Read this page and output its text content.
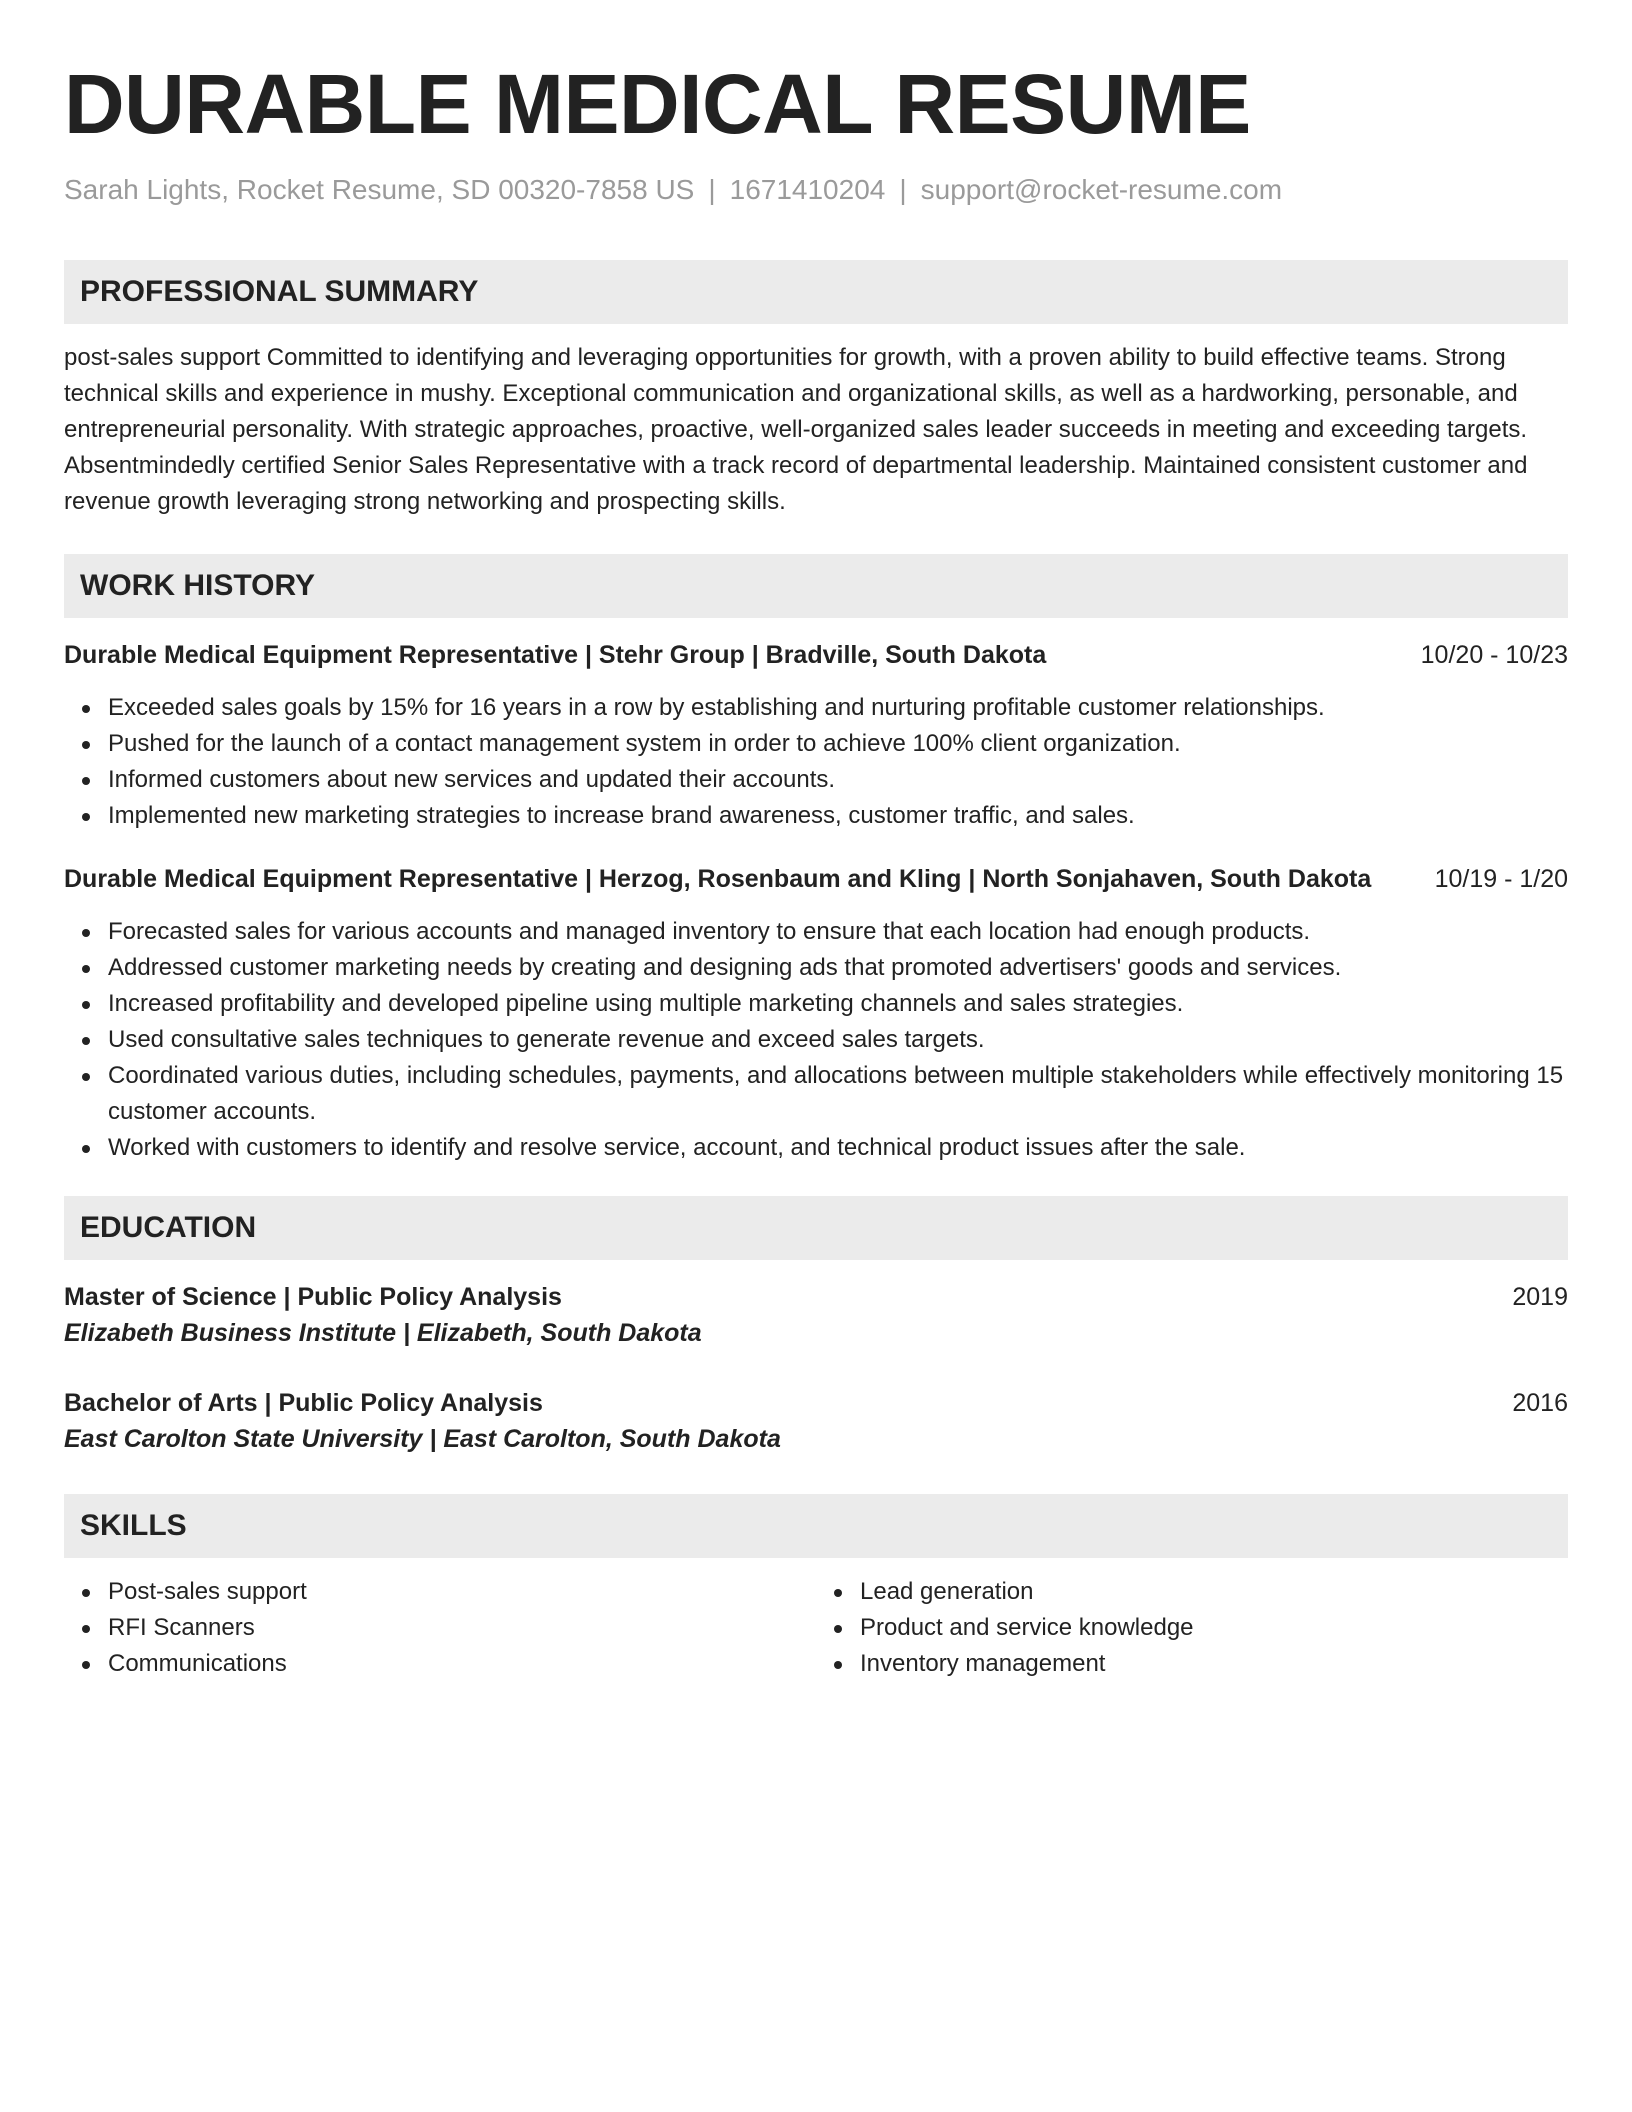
DURABLE MEDICAL RESUME
Sarah Lights, Rocket Resume, SD 00320-7858 US | 1671410204 | support@rocket-resume.com
PROFESSIONAL SUMMARY
post-sales support Committed to identifying and leveraging opportunities for growth, with a proven ability to build effective teams. Strong technical skills and experience in mushy. Exceptional communication and organizational skills, as well as a hardworking, personable, and entrepreneurial personality. With strategic approaches, proactive, well-organized sales leader succeeds in meeting and exceeding targets. Absentmindedly certified Senior Sales Representative with a track record of departmental leadership. Maintained consistent customer and revenue growth leveraging strong networking and prospecting skills.
WORK HISTORY
Durable Medical Equipment Representative | Stehr Group | Bradville, South Dakota	10/20 - 10/23
Exceeded sales goals by 15% for 16 years in a row by establishing and nurturing profitable customer relationships.
Pushed for the launch of a contact management system in order to achieve 100% client organization.
Informed customers about new services and updated their accounts.
Implemented new marketing strategies to increase brand awareness, customer traffic, and sales.
Durable Medical Equipment Representative | Herzog, Rosenbaum and Kling | North Sonjahaven, South Dakota	10/19 - 1/20
Forecasted sales for various accounts and managed inventory to ensure that each location had enough products.
Addressed customer marketing needs by creating and designing ads that promoted advertisers' goods and services.
Increased profitability and developed pipeline using multiple marketing channels and sales strategies.
Used consultative sales techniques to generate revenue and exceed sales targets.
Coordinated various duties, including schedules, payments, and allocations between multiple stakeholders while effectively monitoring 15 customer accounts.
Worked with customers to identify and resolve service, account, and technical product issues after the sale.
EDUCATION
Master of Science | Public Policy Analysis	2019
Elizabeth Business Institute | Elizabeth, South Dakota
Bachelor of Arts | Public Policy Analysis	2016
East Carolton State University | East Carolton, South Dakota
SKILLS
Post-sales support
RFI Scanners
Communications
Lead generation
Product and service knowledge
Inventory management
